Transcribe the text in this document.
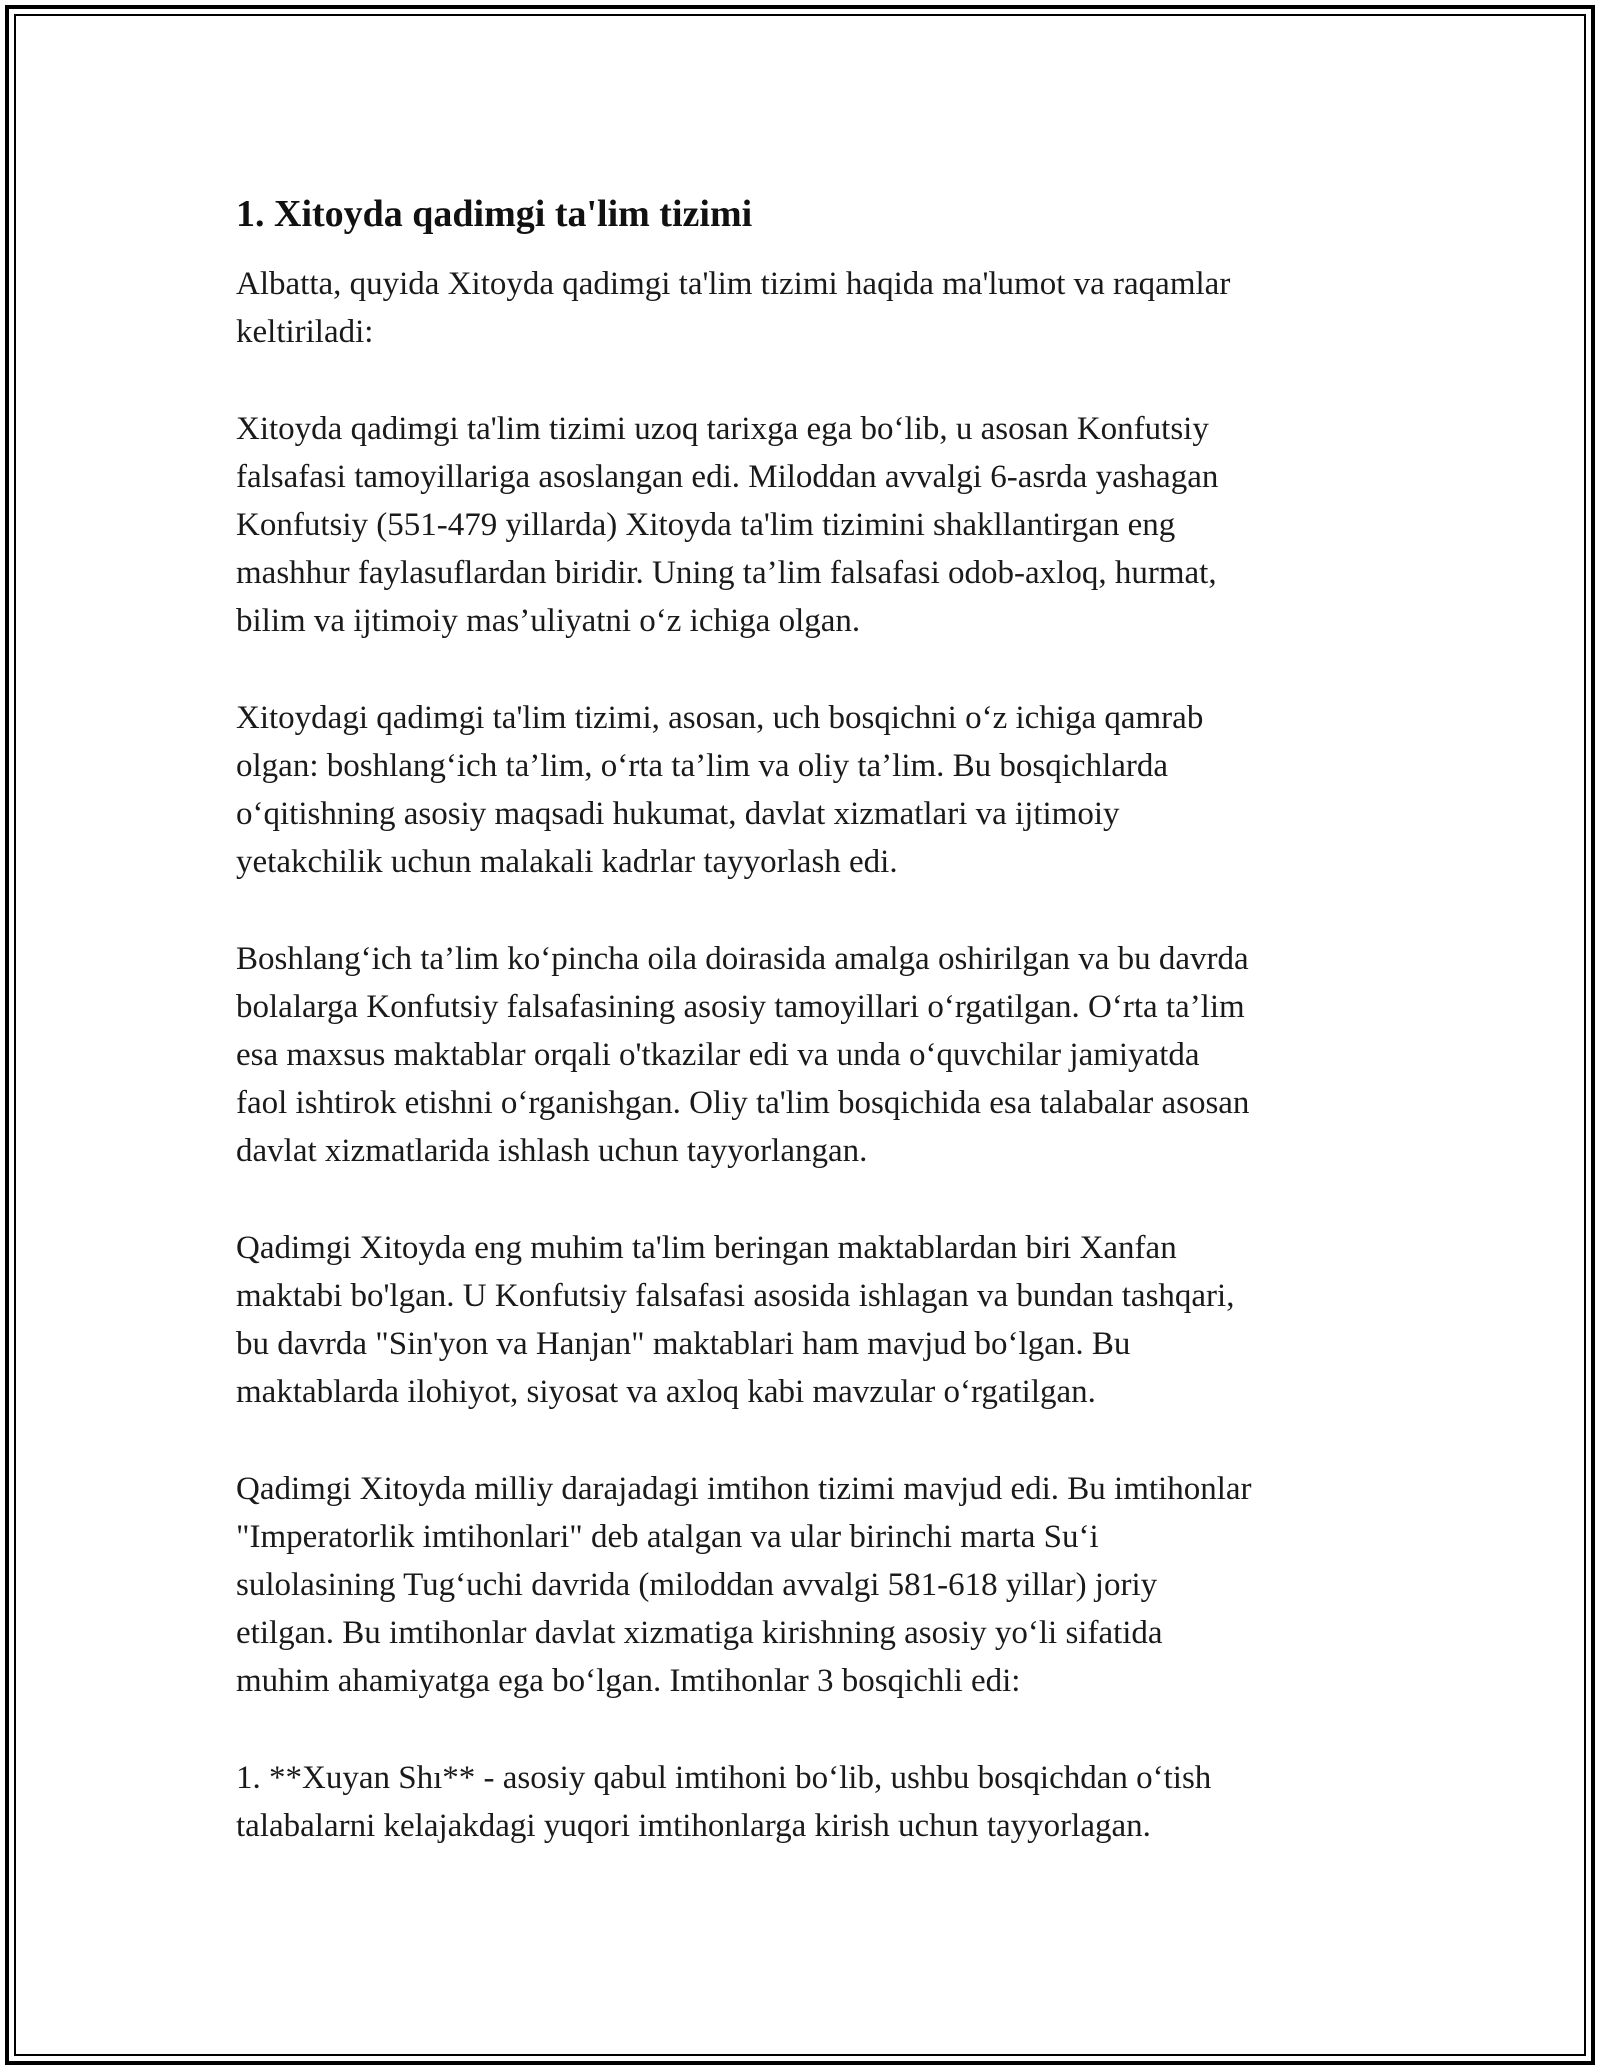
1. Xitoyda qadimgi ta'lim tizimi

Albatta, quyida Xitoyda qadimgi ta'lim tizimi haqida ma'lumot va raqamlar
keltiriladi:

Xitoyda qadimgi ta'lim tizimi uzoq tarixga ega boʻlib, u asosan Konfutsiy
falsafasi tamoyillariga asoslangan edi. Miloddan avvalgi 6-asrda yashagan
Konfutsiy (551-479 yillarda) Xitoyda ta'lim tizimini shakllantirgan eng
mashhur faylasuflardan biridir. Uning ta’lim falsafasi odob-axloq, hurmat,
bilim va ijtimoiy mas’uliyatni oʻz ichiga olgan.

Xitoydagi qadimgi ta'lim tizimi, asosan, uch bosqichni oʻz ichiga qamrab
olgan: boshlangʻich ta’lim, oʻrta ta’lim va oliy ta’lim. Bu bosqichlarda
oʻqitishning asosiy maqsadi hukumat, davlat xizmatlari va ijtimoiy
yetakchilik uchun malakali kadrlar tayyorlash edi.

Boshlangʻich ta’lim koʻpincha oila doirasida amalga oshirilgan va bu davrda
bolalarga Konfutsiy falsafasining asosiy tamoyillari oʻrgatilgan. Oʻrta ta’lim
esa maxsus maktablar orqali o'tkazilar edi va unda oʻquvchilar jamiyatda
faol ishtirok etishni oʻrganishgan. Oliy ta'lim bosqichida esa talabalar asosan
davlat xizmatlarida ishlash uchun tayyorlangan.

Qadimgi Xitoyda eng muhim ta'lim beringan maktablardan biri Xanfan
maktabi bo'lgan. U Konfutsiy falsafasi asosida ishlagan va bundan tashqari,
bu davrda "Sin'yon va Hanjan" maktablari ham mavjud boʻlgan. Bu
maktablarda ilohiyot, siyosat va axloq kabi mavzular oʻrgatilgan.

Qadimgi Xitoyda milliy darajadagi imtihon tizimi mavjud edi. Bu imtihonlar
"Imperatorlik imtihonlari" deb atalgan va ular birinchi marta Suʻi
sulolasining Tugʻuchi davrida (miloddan avvalgi 581-618 yillar) joriy
etilgan. Bu imtihonlar davlat xizmatiga kirishning asosiy yoʻli sifatida
muhim ahamiyatga ega boʻlgan. Imtihonlar 3 bosqichli edi:

1. **Xuyan Shı** - asosiy qabul imtihoni boʻlib, ushbu bosqichdan oʻtish
talabalarni kelajakdagi yuqori imtihonlarga kirish uchun tayyorlagan.
